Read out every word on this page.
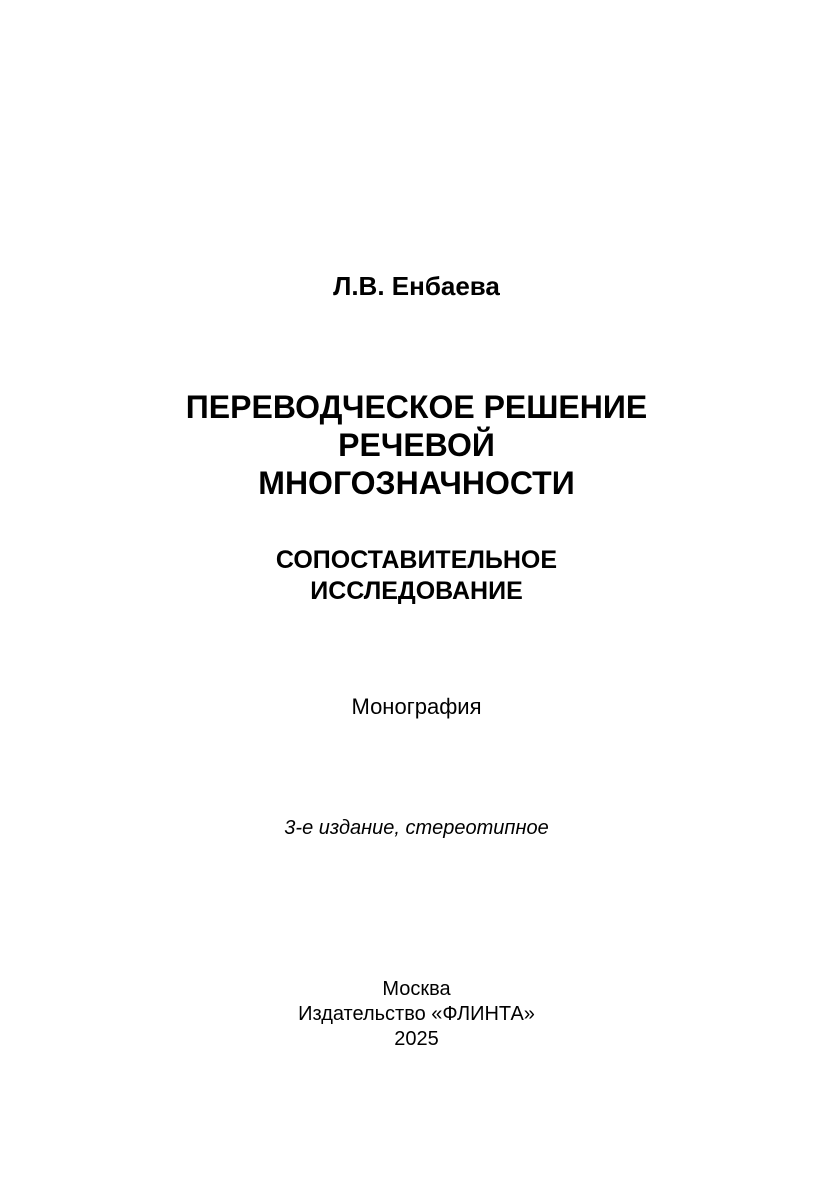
Л.В. Енбаева
ПЕРЕВОДЧЕСКОЕ РЕШЕНИЕ
РЕЧЕВОЙ
МНОГОЗНАЧНОСТИ
СОПОСТАВИТЕЛЬНОЕ
ИССЛЕДОВАНИЕ
Монография
3-е издание, стереотипное
Москва
Издательство «ФЛИНТА»
2025
